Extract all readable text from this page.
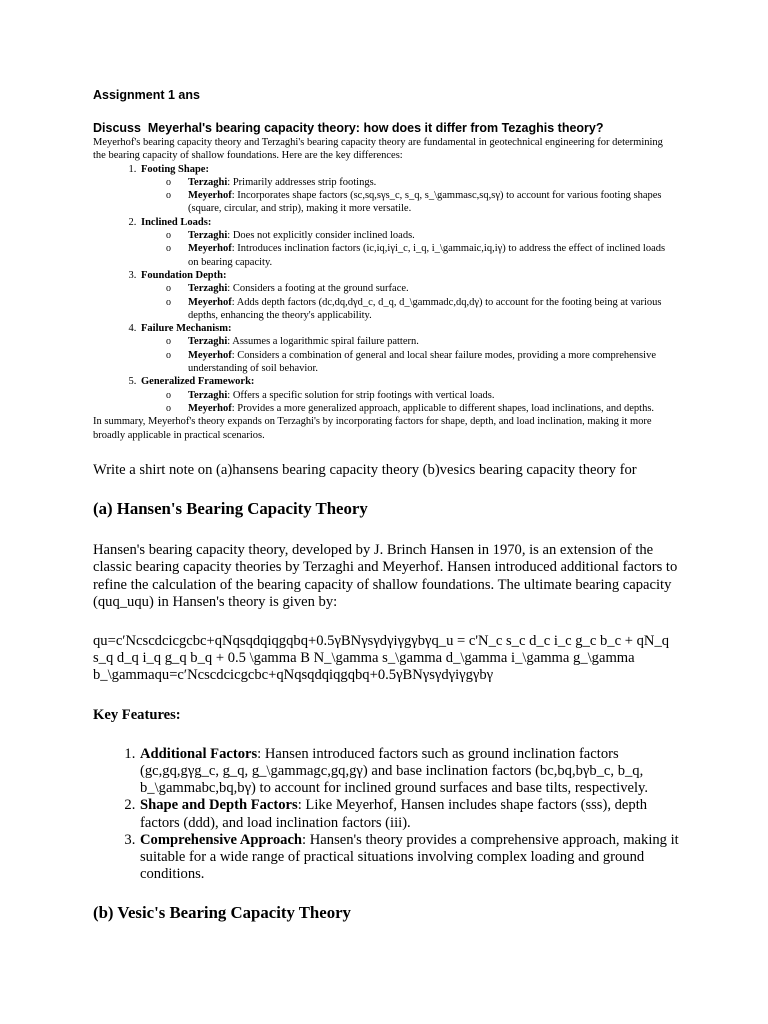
Assignment 1 ans
Discuss  Meyerhal's bearing capacity theory: how does it differ from Tezaghis theory?

Meyerhof's bearing capacity theory and Terzaghi's bearing capacity theory are fundamental in geotechnical engineering for determining the bearing capacity of shallow foundations. Here are the key differences:

1. Footing Shape:
o Terzaghi: Primarily addresses strip footings.
o Meyerhof: Incorporates shape factors (sc,sq,sγs_c, s_q, s_\gammasc,sq,sγ) to account for various footing shapes (square, circular, and strip), making it more versatile.
2. Inclined Loads:
o Terzaghi: Does not explicitly consider inclined loads.
o Meyerhof: Introduces inclination factors (ic,iq,iγi_c, i_q, i_\gammaic,iq,iγ) to address the effect of inclined loads on bearing capacity.
3. Foundation Depth:
o Terzaghi: Considers a footing at the ground surface.
o Meyerhof: Adds depth factors (dc,dq,dγd_c, d_q, d_\gammadc,dq,dγ) to account for the footing being at various depths, enhancing the theory's applicability.
4. Failure Mechanism:
o Terzaghi: Assumes a logarithmic spiral failure pattern.
o Meyerhof: Considers a combination of general and local shear failure modes, providing a more comprehensive understanding of soil behavior.
5. Generalized Framework:
o Terzaghi: Offers a specific solution for strip footings with vertical loads.
o Meyerhof: Provides a more generalized approach, applicable to different shapes, load inclinations, and depths.

In summary, Meyerhof's theory expands on Terzaghi's by incorporating factors for shape, depth, and load inclination, making it more broadly applicable in practical scenarios.

Write a shirt note on (a)hansens bearing capacity theory (b)vesics bearing capacity theory for

(a) Hansen's Bearing Capacity Theory

Hansen's bearing capacity theory, developed by J. Brinch Hansen in 1970, is an extension of the classic bearing capacity theories by Terzaghi and Meyerhof. Hansen introduced additional factors to refine the calculation of the bearing capacity of shallow foundations. The ultimate bearing capacity (quq_uqu) in Hansen's theory is given by:

qu=c′Ncscdcicgcbc+qNqsqdqiqgqbq+0.5γBNγsγdγiγgγbγq_u = c'N_c s_c d_c i_c g_c b_c + qN_q s_q d_q i_q g_q b_q + 0.5 \gamma B N_\gamma s_\gamma d_\gamma i_\gamma g_\gamma b_\gammaqu=c′Ncscdcicgcbc+qNqsqdqiqgqbq+0.5γBNγsγdγiγgγbγ

Key Features:

1. Additional Factors: Hansen introduced factors such as ground inclination factors (gc,gq,gγg_c, g_q, g_\gammagc,gq,gγ) and base inclination factors (bc,bq,bγb_c, b_q, b_\gammabc,bq,bγ) to account for inclined ground surfaces and base tilts, respectively.
2. Shape and Depth Factors: Like Meyerhof, Hansen includes shape factors (sss), depth factors (ddd), and load inclination factors (iii).
3. Comprehensive Approach: Hansen's theory provides a comprehensive approach, making it suitable for a wide range of practical situations involving complex loading and ground conditions.
(b) Vesic's Bearing Capacity Theory
